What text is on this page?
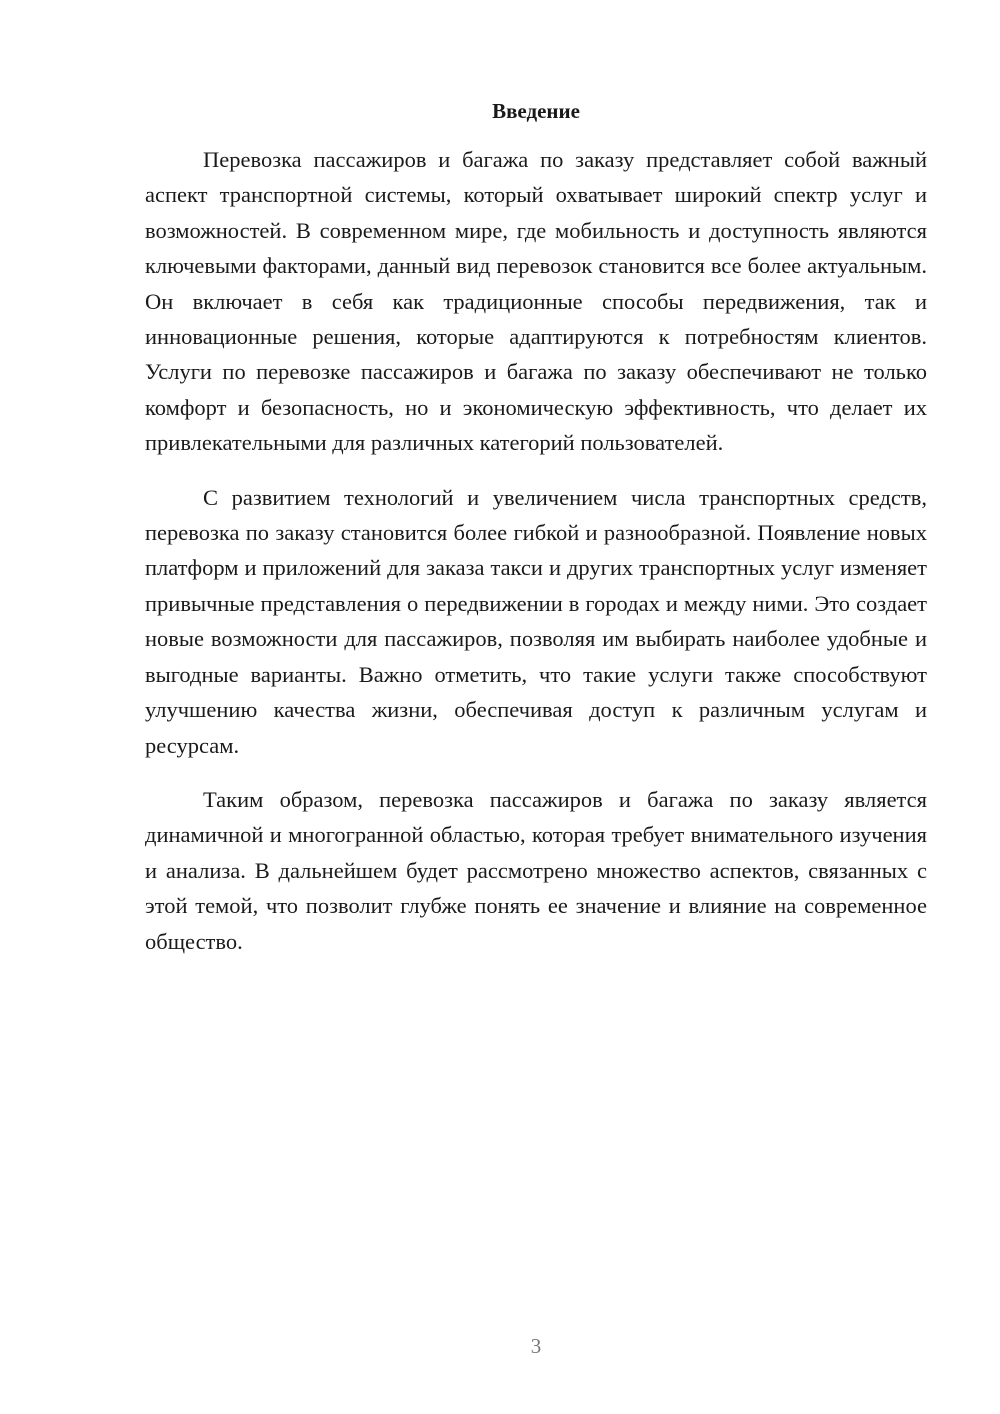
Введение

Перевозка пассажиров и багажа по заказу представляет собой важный аспект транспортной системы, который охватывает широкий спектр услуг и возможностей. В современном мире, где мобильность и доступность являются ключевыми факторами, данный вид перевозок становится все более актуальным. Он включает в себя как традиционные способы передвижения, так и инновационные решения, которые адаптируются к потребностям клиентов. Услуги по перевозке пассажиров и багажа по заказу обеспечивают не только комфорт и безопасность, но и экономическую эффективность, что делает их привлекательными для различных категорий пользователей.

С развитием технологий и увеличением числа транспортных средств, перевозка по заказу становится более гибкой и разнообразной. Появление новых платформ и приложений для заказа такси и других транспортных услуг изменяет привычные представления о передвижении в городах и между ними. Это создает новые возможности для пассажиров, позволяя им выбирать наиболее удобные и выгодные варианты. Важно отметить, что такие услуги также способствуют улучшению качества жизни, обеспечивая доступ к различным услугам и ресурсам.

Таким образом, перевозка пассажиров и багажа по заказу является динамичной и многогранной областью, которая требует внимательного изучения и анализа. В дальнейшем будет рассмотрено множество аспектов, связанных с этой темой, что позволит глубже понять ее значение и влияние на современное общество.

3
